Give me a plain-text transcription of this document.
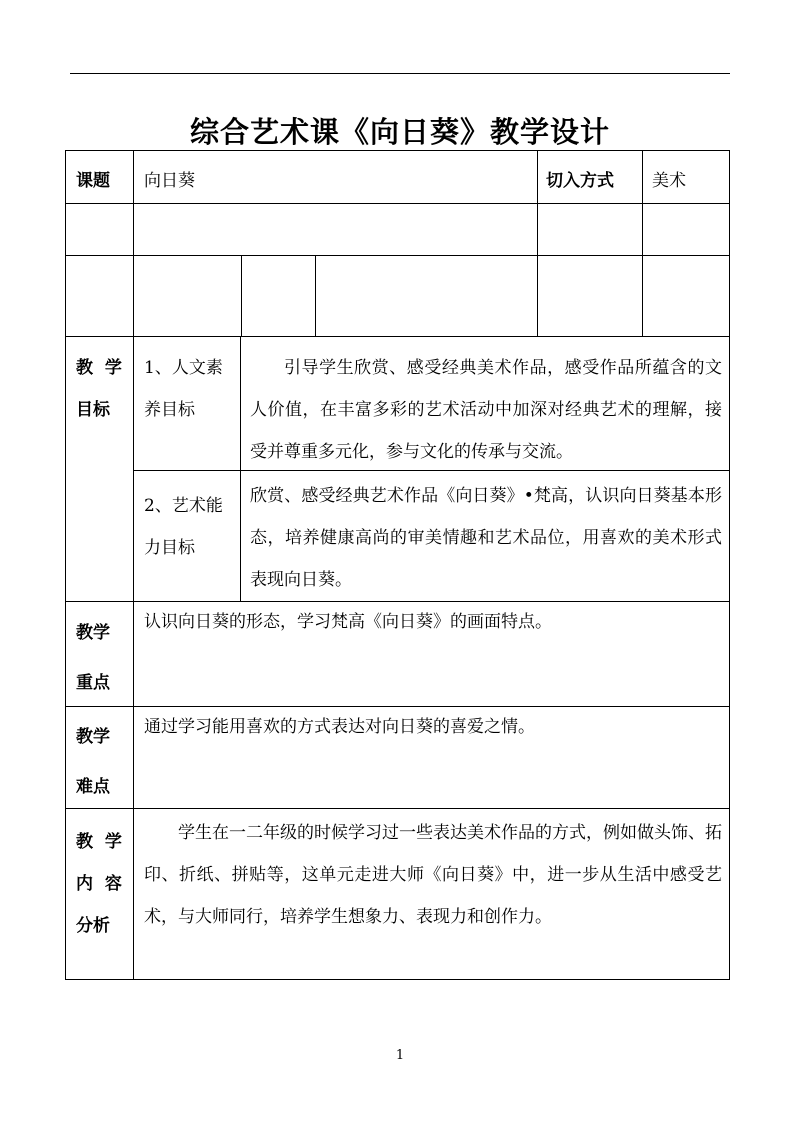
综合艺术课《向日葵》教学设计
课题 向日葵	切入方式 美术
教  学
目标
1、人文素
养目标
引导学生欣赏、感受经典美术作品，感受作品所蕴含的文人价值，在丰富多彩的艺术活动中加深对经典艺术的理解，接受并尊重多元化，参与文化的传承与交流。
2、艺术能
力目标
欣赏、感受经典艺术作品《向日葵》•梵高，认识向日葵基本形态，培养健康高尚的审美情趣和艺术品位，用喜欢的美术形式表现向日葵。
教学
重点
认识向日葵的形态，学习梵高《向日葵》的画面特点。
教学
难点
通过学习能用喜欢的方式表达对向日葵的喜爱之情。
教  学
内  容
分析
学生在一二年级的时候学习过一些表达美术作品的方式，例如做头饰、拓印、折纸、拼贴等，这单元走进大师《向日葵》中，进一步从生活中感受艺术，与大师同行，培养学生想象力、表现力和创作力。
1
